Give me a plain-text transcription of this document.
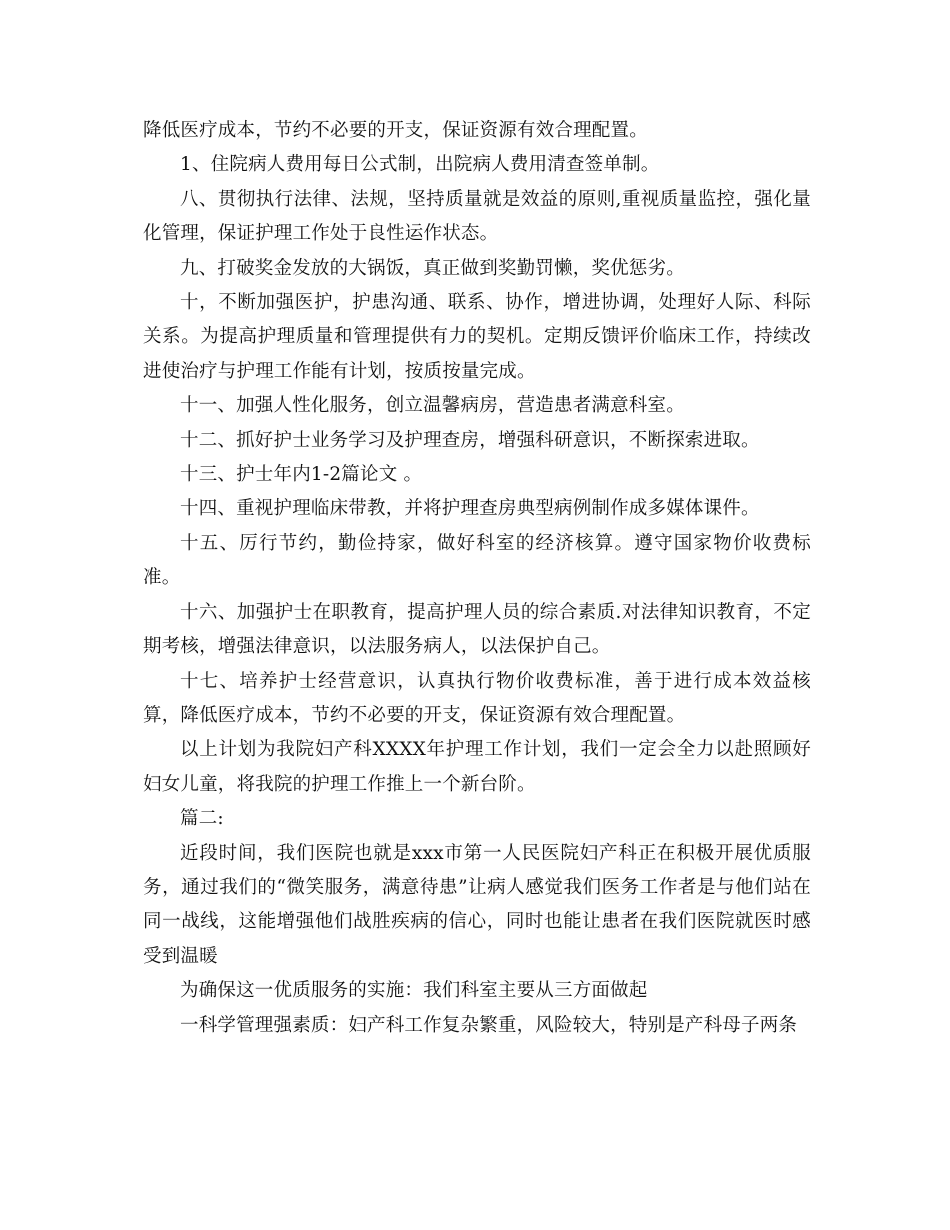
降低医疗成本，节约不必要的开支，保证资源有效合理配置。

1、住院病人费用每日公式制，出院病人费用清查签单制。

八、贯彻执行法律、法规，坚持质量就是效益的原则,重视质量监控，强化量化管理，保证护理工作处于良性运作状态。

九、打破奖金发放的大锅饭，真正做到奖勤罚懒，奖优惩劣。

十，不断加强医护，护患沟通、联系、协作，增进协调，处理好人际、科际关系。为提高护理质量和管理提供有力的契机。定期反馈评价临床工作，持续改进使治疗与护理工作能有计划，按质按量完成。

十一、加强人性化服务，创立温馨病房，营造患者满意科室。

十二、抓好护士业务学习及护理查房，增强科研意识，不断探索进取。

十三、护士年内1-2篇论文 。

十四、重视护理临床带教，并将护理查房典型病例制作成多媒体课件。

十五、厉行节约，勤俭持家，做好科室的经济核算。遵守国家物价收费标准。

十六、加强护士在职教育，提高护理人员的综合素质.对法律知识教育，不定期考核，增强法律意识，以法服务病人，以法保护自己。

十七、培养护士经营意识，认真执行物价收费标准，善于进行成本效益核算，降低医疗成本，节约不必要的开支，保证资源有效合理配置。

以上计划为我院妇产科XXXX年护理工作计划，我们一定会全力以赴照顾好妇女儿童，将我院的护理工作推上一个新台阶。

篇二:

近段时间，我们医院也就是xxx市第一人民医院妇产科正在积极开展优质服务，通过我们的“微笑服务，满意待患”让病人感觉我们医务工作者是与他们站在同一战线，这能增强他们战胜疾病的信心，同时也能让患者在我们医院就医时感受到温暖

为确保这一优质服务的实施：我们科室主要从三方面做起

一科学管理强素质：妇产科工作复杂繁重，风险较大，特别是产科母子两条
